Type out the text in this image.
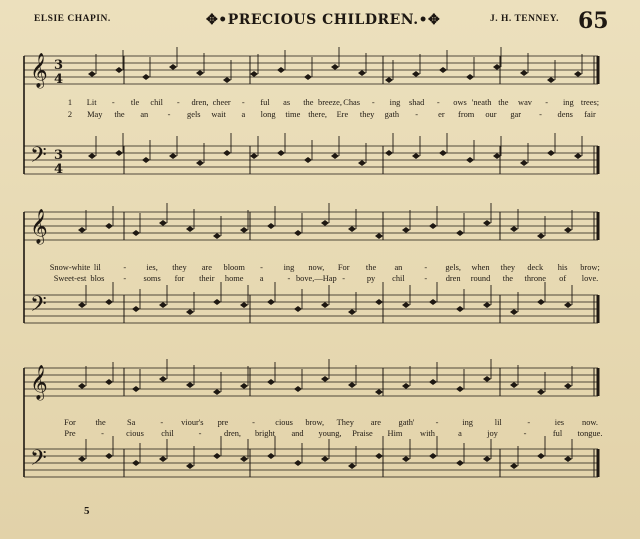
𝄞
𝄢
3
4
3
4
𝄞
𝄢
𝄞
𝄢
ELSIE CHAPIN.	✥•PRECIOUS CHILDREN.•✥	J. H. TENNEY. 65
1 Lit - tle chil - dren, cheer - ful as the breeze, Chas - ing shad - ows 'neath the wav - ing trees;
2 May the an - gels wait a long time there, Ere they gath - er from our gar - dens fair
Snow-white lil	- ies, they are bloom - ing now, For the an	- gels, when they deck his brow;
Sweet-est blos - soms for their home a	- bove,—Hap -	py chil - dren round the throne of love.
For the	Sa	- viour's pre	- cious brow, They are gath'	-	ing	lil	-	ies now.
Pre	-	cious chil	-	dren, bright and young, Praise Him with	a	joy	-	ful tongue.
5
